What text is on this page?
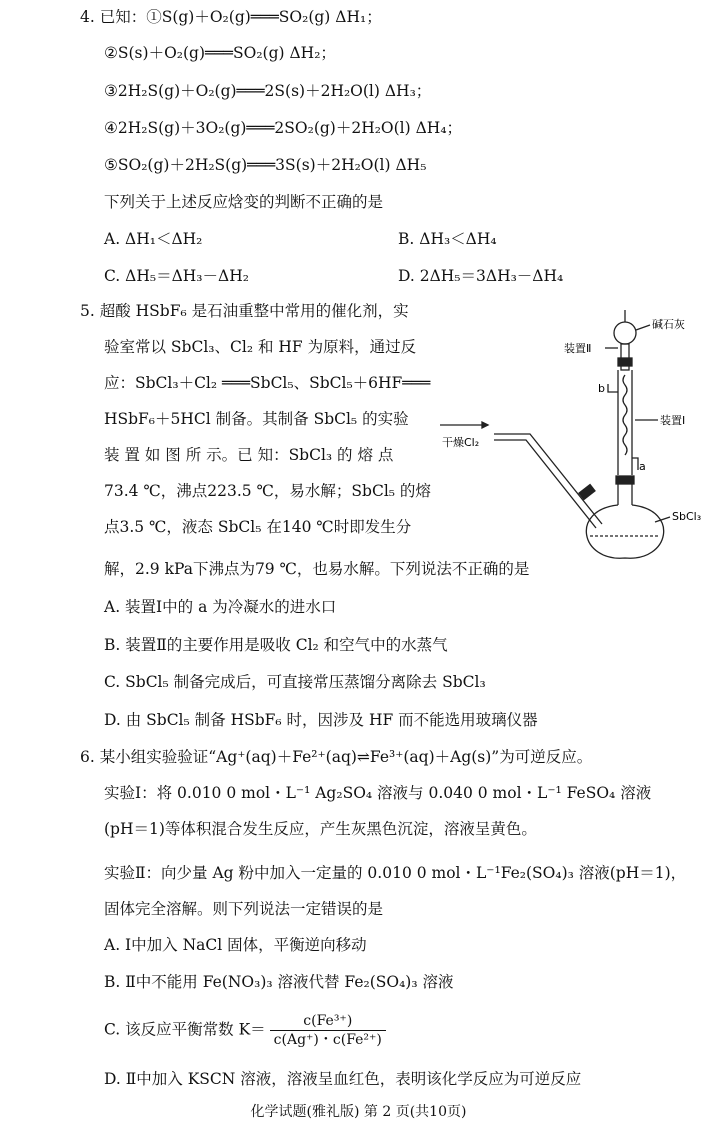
4. 已知：①S(g)＋O₂(g)═══SO₂(g) ΔH₁；
②S(s)＋O₂(g)═══SO₂(g) ΔH₂；
③2H₂S(g)＋O₂(g)═══2S(s)＋2H₂O(l) ΔH₃；
④2H₂S(g)＋3O₂(g)═══2SO₂(g)＋2H₂O(l) ΔH₄；
⑤SO₂(g)＋2H₂S(g)═══3S(s)＋2H₂O(l) ΔH₅
下列关于上述反应焓变的判断不正确的是
A. ΔH₁＜ΔH₂	B. ΔH₃＜ΔH₄
C. ΔH₅＝ΔH₃－ΔH₂	D. 2ΔH₅＝3ΔH₃－ΔH₄
5. 超酸 HSbF₆ 是石油重整中常用的催化剂，实
验室常以 SbCl₃、Cl₂ 和 HF 为原料，通过反
应：SbCl₃＋Cl₂ ═══SbCl₅、SbCl₅＋6HF═══
HSbF₆＋5HCl 制备。其制备 SbCl₅ 的实验
装 置 如 图 所 示。已 知：SbCl₃ 的 熔 点
73.4 ℃，沸点223.5 ℃，易水解；SbCl₅ 的熔
点3.5 ℃，液态 SbCl₅ 在140 ℃时即发生分
解，2.9 kPa下沸点为79 ℃，也易水解。下列说法不正确的是
A. 装置Ⅰ中的 a 为冷凝水的进水口
B. 装置Ⅱ的主要作用是吸收 Cl₂ 和空气中的水蒸气
C. SbCl₅ 制备完成后，可直接常压蒸馏分离除去 SbCl₃
D. 由 SbCl₅ 制备 HSbF₆ 时，因涉及 HF 而不能选用玻璃仪器
碱石灰
装置Ⅱ
b
装置Ⅰ
干燥Cl₂
a
SbCl₃
6. 某小组实验验证“Ag⁺(aq)＋Fe²⁺(aq)⇌Fe³⁺(aq)＋Ag(s)”为可逆反应。
实验Ⅰ：将 0.010 0 mol・L⁻¹ Ag₂SO₄ 溶液与 0.040 0 mol・L⁻¹ FeSO₄ 溶液
(pH＝1)等体积混合发生反应，产生灰黑色沉淀，溶液呈黄色。
实验Ⅱ：向少量 Ag 粉中加入一定量的 0.010 0 mol・L⁻¹Fe₂(SO₄)₃ 溶液(pH＝1)，
固体完全溶解。则下列说法一定错误的是
A. Ⅰ中加入 NaCl 固体，平衡逆向移动
B. Ⅱ中不能用 Fe(NO₃)₃ 溶液代替 Fe₂(SO₄)₃ 溶液
C. 该反应平衡常数 $K= \frac{\text{c(Fe³⁺)}}{\text{c(Ag⁺)・c(Fe²⁺)}}$
D. Ⅱ中加入 KSCN 溶液，溶液呈血红色，表明该化学反应为可逆反应
化学试题(雅礼版) 第 2 页(共10页)
